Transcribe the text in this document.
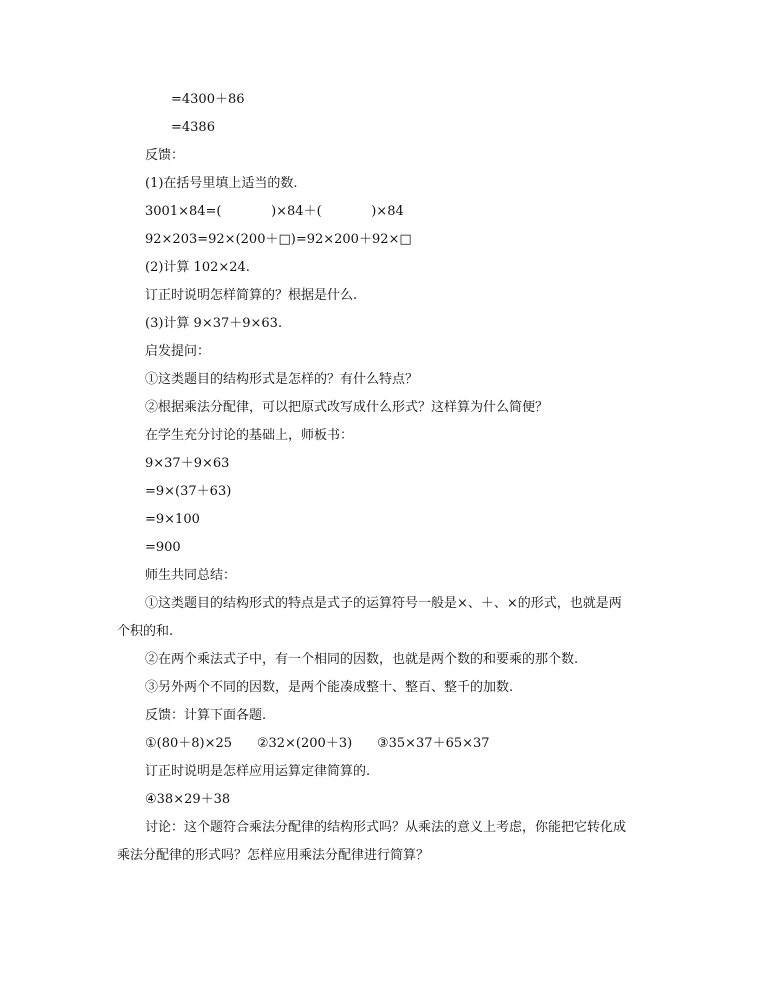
=4300＋86

=4386

反馈：

(1)在括号里填上适当的数.

3001×84=(            )×84＋(            )×84

92×203=92×(200＋□)=92×200＋92×□

(2)计算 102×24.

订正时说明怎样简算的？根据是什么.

(3)计算 9×37＋9×63.

启发提问：

①这类题目的结构形式是怎样的？有什么特点？

②根据乘法分配律，可以把原式改写成什么形式？这样算为什么简便？

在学生充分讨论的基础上，师板书：

9×37＋9×63

=9×(37＋63)

=9×100

=900

师生共同总结：

①这类题目的结构形式的特点是式子的运算符号一般是×、＋、×的形式，也就是两

个积的和.

②在两个乘法式子中，有一个相同的因数，也就是两个数的和要乘的那个数.

③另外两个不同的因数，是两个能凑成整十、整百、整千的加数.

反馈：计算下面各题.

①(80＋8)×25      ②32×(200＋3)      ③35×37＋65×37

订正时说明是怎样应用运算定律简算的.

④38×29＋38

讨论：这个题符合乘法分配律的结构形式吗？从乘法的意义上考虑，你能把它转化成

乘法分配律的形式吗？怎样应用乘法分配律进行简算？
